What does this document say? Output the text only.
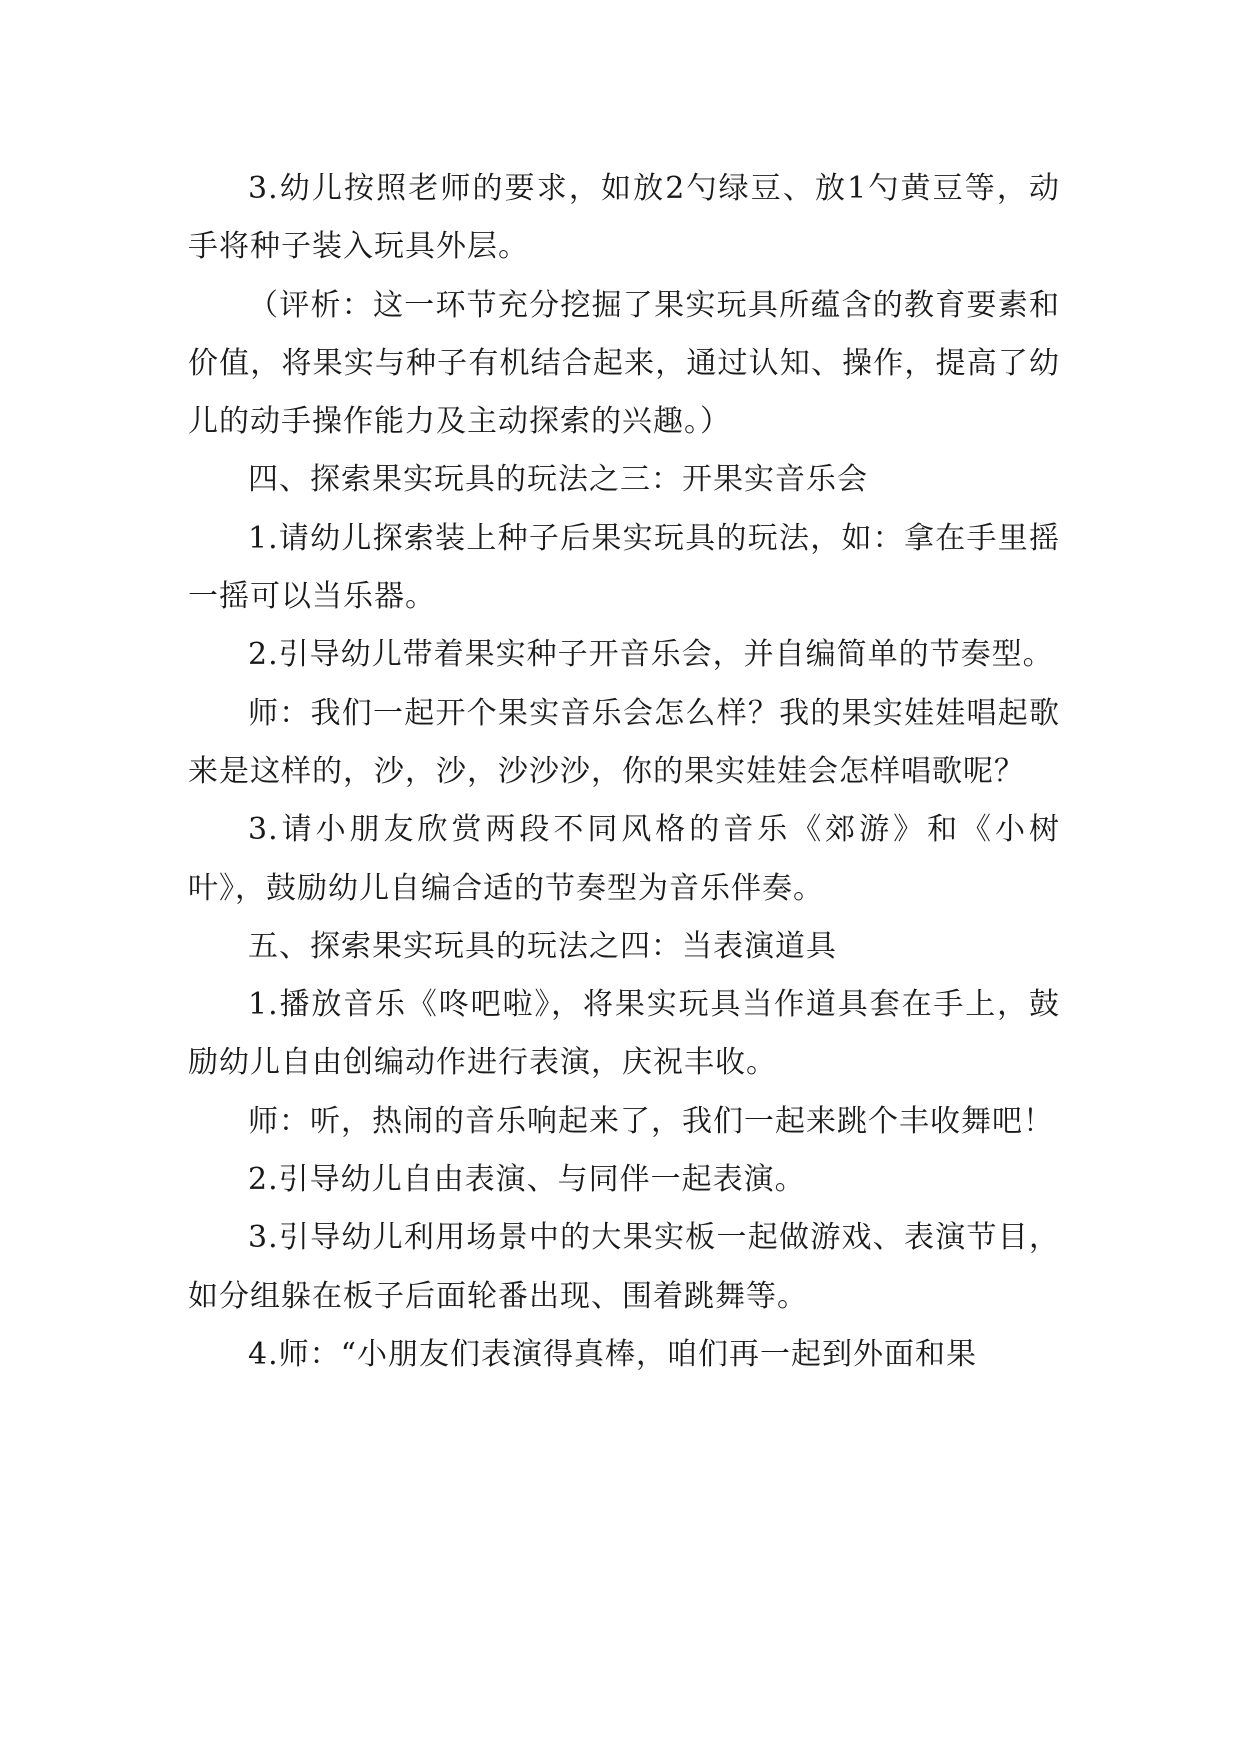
3.幼儿按照老师的要求，如放2勺绿豆、放1勺黄豆等，动手将种子装入玩具外层。

（评析：这一环节充分挖掘了果实玩具所蕴含的教育要素和价值，将果实与种子有机结合起来，通过认知、操作，提高了幼儿的动手操作能力及主动探索的兴趣。）

四、探索果实玩具的玩法之三：开果实音乐会

1.请幼儿探索装上种子后果实玩具的玩法，如：拿在手里摇一摇可以当乐器。

2.引导幼儿带着果实种子开音乐会，并自编简单的节奏型。

师：我们一起开个果实音乐会怎么样？我的果实娃娃唱起歌来是这样的，沙，沙，沙沙沙，你的果实娃娃会怎样唱歌呢？

3.请小朋友欣赏两段不同风格的音乐《郊游》和《小树叶》，鼓励幼儿自编合适的节奏型为音乐伴奏。

五、探索果实玩具的玩法之四：当表演道具

1.播放音乐《咚吧啦》，将果实玩具当作道具套在手上，鼓励幼儿自由创编动作进行表演，庆祝丰收。

师：听，热闹的音乐响起来了，我们一起来跳个丰收舞吧！

2.引导幼儿自由表演、与同伴一起表演。

3.引导幼儿利用场景中的大果实板一起做游戏、表演节目，如分组躲在板子后面轮番出现、围着跳舞等。

4.师：“小朋友们表演得真棒，咱们再一起到外面和果
